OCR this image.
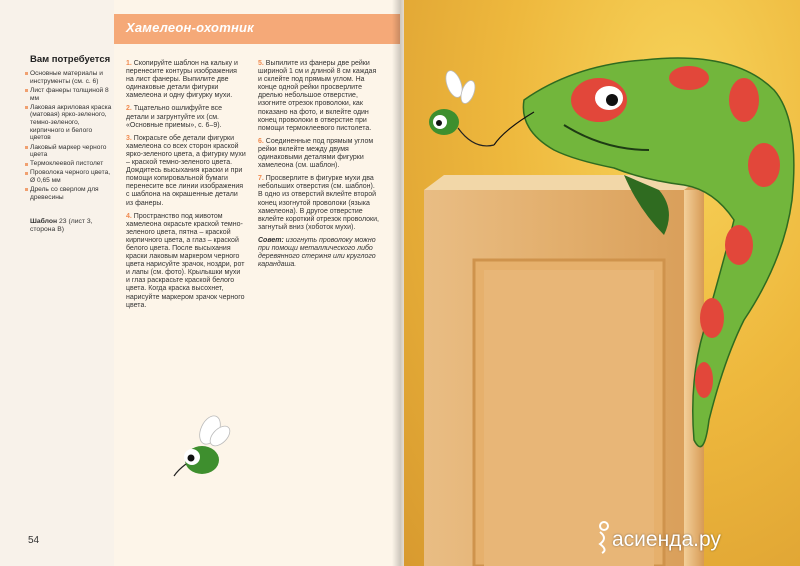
Вам потребуется
Основные материалы и инструменты (см. с. 6)
Лист фанеры толщиной 8 мм
Лаковая акриловая краска (матовая) ярко-зеленого, темно-зеленого, кирпичного и белого цветов
Лаковый маркер черного цвета
Термоклеевой пистолет
Проволока черного цвета, Ø 0,65 мм
Дрель со сверлом для древесины
Шаблон 23 (лист 3, сторона В)
54
Хамелеон-охотник

1. Скопируйте шаблон на кальку и перенесите контуры изображения на лист фанеры. Выпилите две одинаковые детали фигурки хамелеона и одну фигурку мухи.

2. Тщательно ошлифуйте все детали и загрунтуйте их (см. «Основные приемы», с. 6–9).

3. Покрасьте обе детали фигурки хамелеона со всех сторон краской ярко-зеленого цвета, а фигурку мухи – краской темно-зеленого цвета. Дождитесь высыхания краски и при помощи копировальной бумаги перенесите все линии изображения с шаблона на окрашенные детали из фанеры.

4. Пространство под животом хамелеона окрасьте краской темно-зеленого цвета, пятна – краской кирпичного цвета, а глаз – краской белого цвета. После высыхания краски лаковым маркером черного цвета нарисуйте зрачок, ноздри, рот и лапы (см. фото). Крылышки мухи и глаз раскрасьте краской белого цвета. Когда краска высохнет, нарисуйте маркером зрачок черного цвета.

5. Выпилите из фанеры две рейки шириной 1 см и длиной 8 см каждая и склейте под прямым углом. На конце одной рейки просверлите дрелью небольшое отверстие, изогните отрезок проволоки, как показано на фото, и вклейте один конец проволоки в отверстие при помощи термоклеевого пистолета.

6. Соединенные под прямым углом рейки вклейте между двумя одинаковыми деталями фигурки хамелеона (см. шаблон).

7. Просверлите в фигурке мухи два небольших отверстия (см. шаблон). В одно из отверстий вклейте второй конец изогнутой проволоки (языка хамелеона). В другое отверстие вклейте короткий отрезок проволоки, загнутый вниз (хоботок мухи).

Совет: изогнуть проволоку можно при помощи металлического либо деревянного стержня или круглого карандаша.

асиенда.ру
